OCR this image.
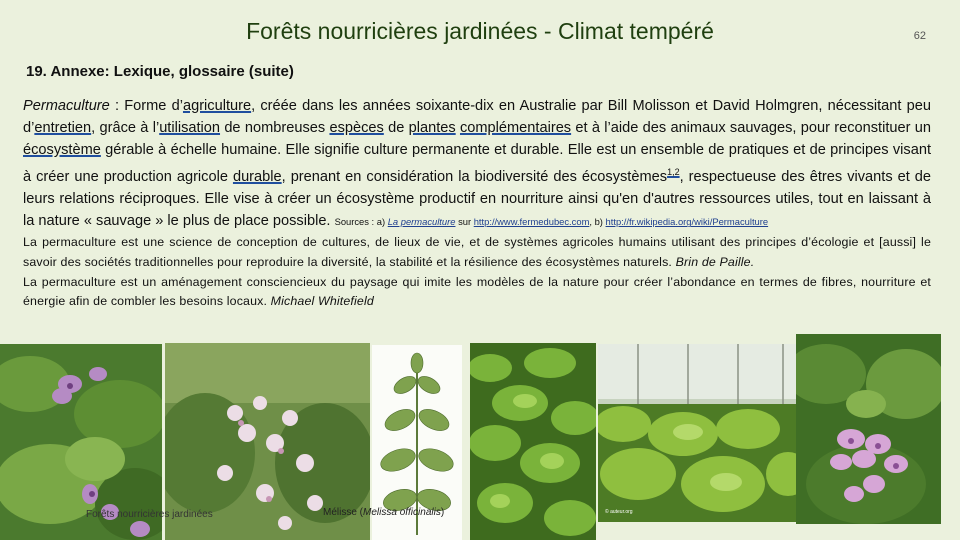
Forêts nourricières jardinées - Climat tempéré	62
19. Annexe: Lexique, glossaire (suite)

Permaculture : Forme d’agriculture, créée dans les années soixante-dix en Australie par Bill Molisson et David Holmgren, nécessitant peu d’entretien, grâce à l’utilisation de nombreuses espèces de plantes complémentaires et à l’aide des animaux sauvages, pour reconstituer un écosystème gérable à échelle humaine. Elle signifie culture permanente et durable. Elle est un ensemble de pratiques et de principes visant à créer une production agricole durable, prenant en considération la biodiversité des écosystèmes$^{1,2}$, respectueuse des êtres vivants et de leurs relations réciproques. Elle vise à créer un écosystème productif en nourriture ainsi qu'en d'autres ressources utiles, tout en laissant à la nature « sauvage » le plus de place possible. Sources : a) La permaculture sur http://www.fermedubec.com, b) http://fr.wikipedia.org/wiki/Permaculture

La permaculture est une science de conception de cultures, de lieux de vie, et de systèmes agricoles humains utilisant des principes d’écologie et [aussi] le savoir des sociétés traditionnelles pour reproduire la diversité, la stabilité et la résilience des écosystèmes naturels. Brin de Paille.

La permaculture est un aménagement consciencieux du paysage qui imite les modèles de la nature pour créer l’abondance en termes de fibres, nourriture et énergie afin de combler les besoins locaux. Michael Whitefield

Forêts nourricières jardinées	Mélisse (Melissa officinalis)	© auteur.org
